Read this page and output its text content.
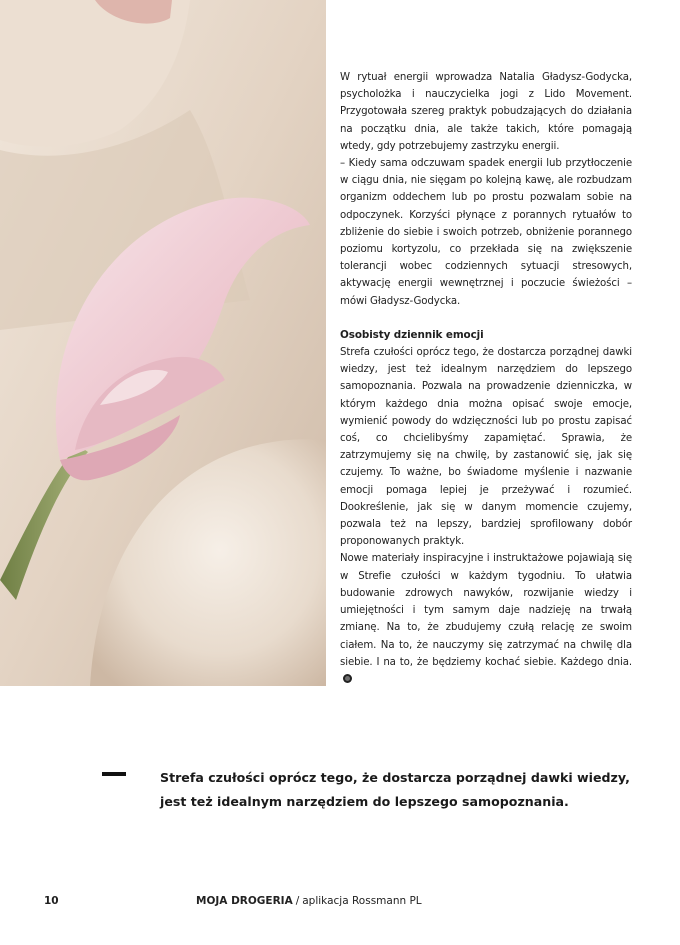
W rytuał energii wprowadza Natalia Gładysz-Godycka, psycholożka i nauczycielka jogi z Lido Movement. Przygotowała szereg praktyk pobudzających do działania na początku dnia, ale także takich, które pomagają wtedy, gdy potrzebujemy zastrzyku energii.

– Kiedy sama odczuwam spadek energii lub przytłoczenie w ciągu dnia, nie sięgam po kolejną kawę, ale rozbudzam organizm oddechem lub po prostu pozwalam sobie na odpoczynek. Korzyści płynące z porannych rytuałów to zbliżenie do siebie i swoich potrzeb, obniżenie porannego poziomu kortyzolu, co przekłada się na zwiększenie tolerancji wobec codziennych sytuacji stresowych, aktywację energii wewnętrznej i poczucie świeżości – mówi Gładysz-Godycka.

Osobisty dziennik emocji

Strefa czułości oprócz tego, że dostarcza porządnej dawki wiedzy, jest też idealnym narzędziem do lepszego samopoznania. Pozwala na prowadzenie dzienniczka, w którym każdego dnia można opisać swoje emocje, wymienić powody do wdzięczności lub po prostu zapisać coś, co chcielibyśmy zapamiętać. Sprawia, że zatrzymujemy się na chwilę, by zastanowić się, jak się czujemy. To ważne, bo świadome myślenie i nazwanie emocji pomaga lepiej je przeżywać i rozumieć. Dookreślenie, jak się w danym momencie czujemy, pozwala też na lepszy, bardziej sprofilowany dobór proponowanych praktyk.

Nowe materiały inspiracyjne i instruktażowe pojawiają się w Strefie czułości w każdym tygodniu. To ułatwia budowanie zdrowych nawyków, rozwijanie wiedzy i umiejętności i tym samym daje nadzieję na trwałą zmianę. Na to, że zbudujemy czułą relację ze swoim ciałem. Na to, że nauczymy się zatrzymać na chwilę dla siebie. I na to, że będziemy kochać siebie. Każdego dnia.

Strefa czułości oprócz tego, że dostarcza porządnej dawki wiedzy,
jest też idealnym narzędziem do lepszego samopoznania.
10	MOJA DROGERIA / aplikacja Rossmann PL
